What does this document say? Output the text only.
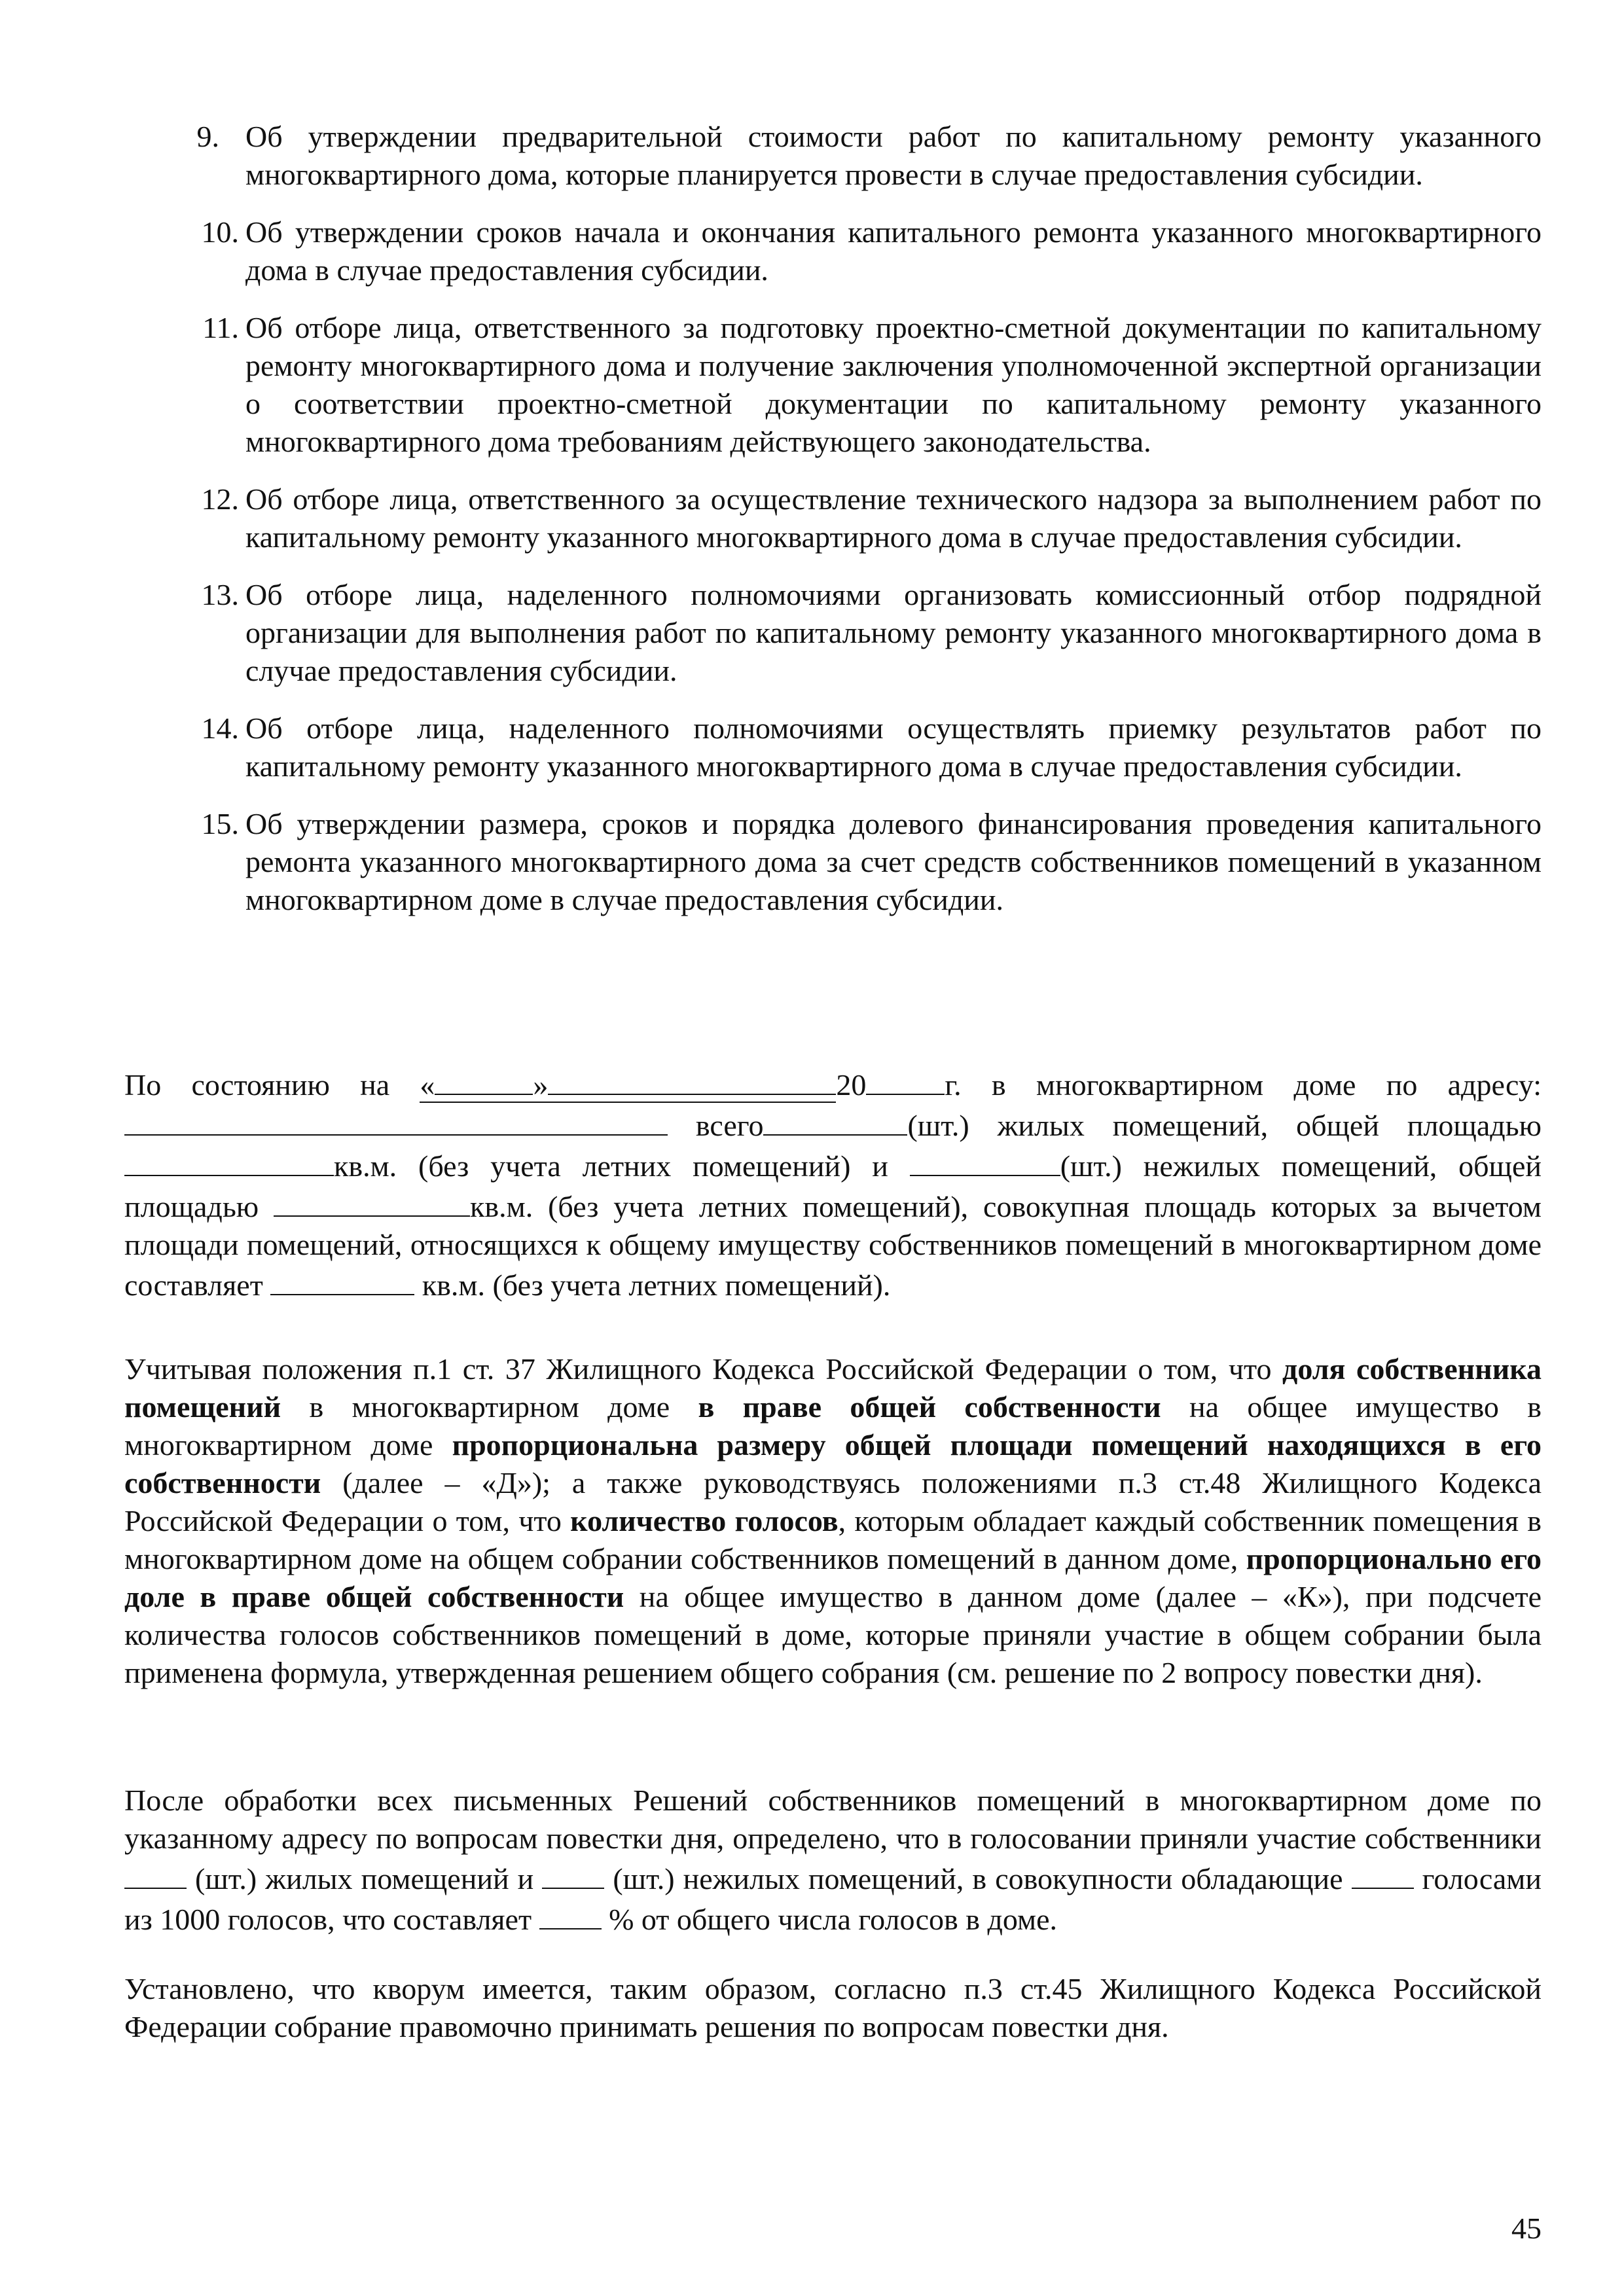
9. Об утверждении предварительной стоимости работ по капитальному ремонту указанного многоквартирного дома, которые планируется провести в случае предоставления субсидии.
10. Об утверждении сроков начала и окончания капитального ремонта указанного многоквартирного дома в случае предоставления субсидии.
11. Об отборе лица, ответственного за подготовку проектно-сметной документации по капитальному ремонту многоквартирного дома и получение заключения уполномоченной экспертной организации о соответствии проектно-сметной документации по капитальному ремонту указанного многоквартирного дома требованиям действующего законодательства.
12. Об отборе лица, ответственного за осуществление технического надзора за выполнением работ по капитальному ремонту указанного многоквартирного дома в случае предоставления субсидии.
13. Об отборе лица, наделенного полномочиями организовать комиссионный отбор подрядной организации для выполнения работ по капитальному ремонту указанного многоквартирного дома в случае предоставления субсидии.
14. Об отборе лица, наделенного полномочиями осуществлять приемку результатов работ по капитальному ремонту указанного многоквартирного дома в случае предоставления субсидии.
15. Об утверждении размера, сроков и порядка долевого финансирования проведения капитального ремонта указанного многоквартирного дома за счет средств собственников помещений в указанном многоквартирном доме в случае предоставления субсидии.

По состоянию на «	»	20	г. в многоквартирном доме по адресу: всего	(шт.) жилых помещений, общей площадью кв.м. (без учета летних помещений) и	(шт.) нежилых помещений, общей площадью	кв.м. (без учета летних помещений), совокупная площадь которых за вычетом площади помещений, относящихся к общему имуществу собственников помещений в многоквартирном доме составляет	кв.м. (без учета летних помещений).

Учитывая положения п.1 ст. 37 Жилищного Кодекса Российской Федерации о том, что доля собственника помещений в многоквартирном доме в праве общей собственности на общее имущество в многоквартирном доме пропорциональна размеру общей площади помещений находящихся в его собственности (далее – «Д»); а также руководствуясь положениями п.3 ст.48 Жилищного Кодекса Российской Федерации о том, что количество голосов, которым обладает каждый собственник помещения в многоквартирном доме на общем собрании собственников помещений в данном доме, пропорционально его доле в праве общей собственности на общее имущество в данном доме (далее – «К»), при подсчете количества голосов собственников помещений в доме, которые приняли участие в общем собрании была применена формула, утвержденная решением общего собрания (см. решение по 2 вопросу повестки дня).

После обработки всех письменных Решений собственников помещений в многоквартирном доме по указанному адресу по вопросам повестки дня, определено, что в голосовании приняли участие собственники  (шт.) жилых помещений и  (шт.) нежилых помещений, в совокупности обладающие  голосами из 1000 голосов, что составляет  % от общего числа голосов в доме.

Установлено, что кворум имеется, таким образом, согласно п.3 ст.45 Жилищного Кодекса Российской Федерации собрание правомочно принимать решения по вопросам повестки дня.

45
